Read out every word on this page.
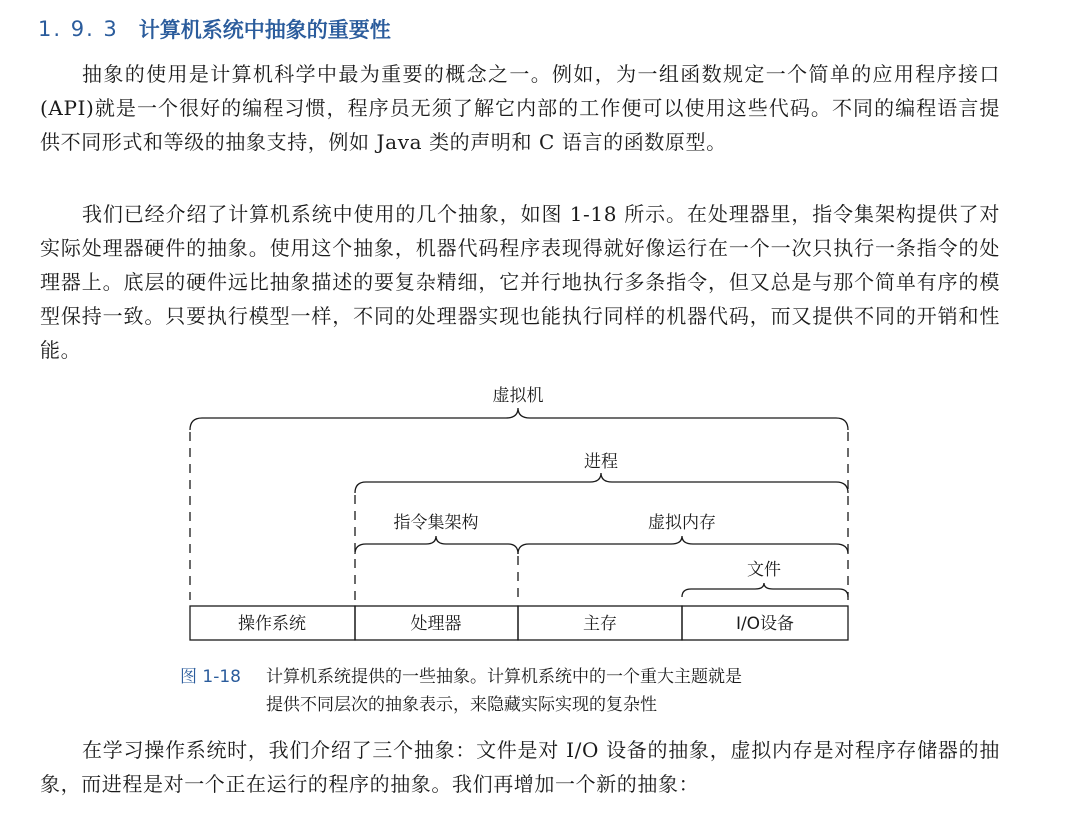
1. 9. 3 计算机系统中抽象的重要性

抽象的使用是计算机科学中最为重要的概念之一。例如，为一组函数规定一个简单的应用程序接口(API)就是一个很好的编程习惯，程序员无须了解它内部的工作便可以使用这些代码。不同的编程语言提供不同形式和等级的抽象支持，例如 Java 类的声明和 C 语言的函数原型。

我们已经介绍了计算机系统中使用的几个抽象，如图 1-18 所示。在处理器里，指令集架构提供了对实际处理器硬件的抽象。使用这个抽象，机器代码程序表现得就好像运行在一个一次只执行一条指令的处理器上。底层的硬件远比抽象描述的要复杂精细，它并行地执行多条指令，但又总是与那个简单有序的模型保持一致。只要执行模型一样，不同的处理器实现也能执行同样的机器代码，而又提供不同的开销和性能。

虚拟机
进程
指令集架构	虚拟内存
文件
操作系统	处理器	主存	I/O设备
图 1-18 计算机系统提供的一些抽象。计算机系统中的一个重大主题就是
提供不同层次的抽象表示，来隐藏实际实现的复杂性

在学习操作系统时，我们介绍了三个抽象：文件是对 I/O 设备的抽象，虚拟内存是对程序存储器的抽象，而进程是对一个正在运行的程序的抽象。我们再增加一个新的抽象：
